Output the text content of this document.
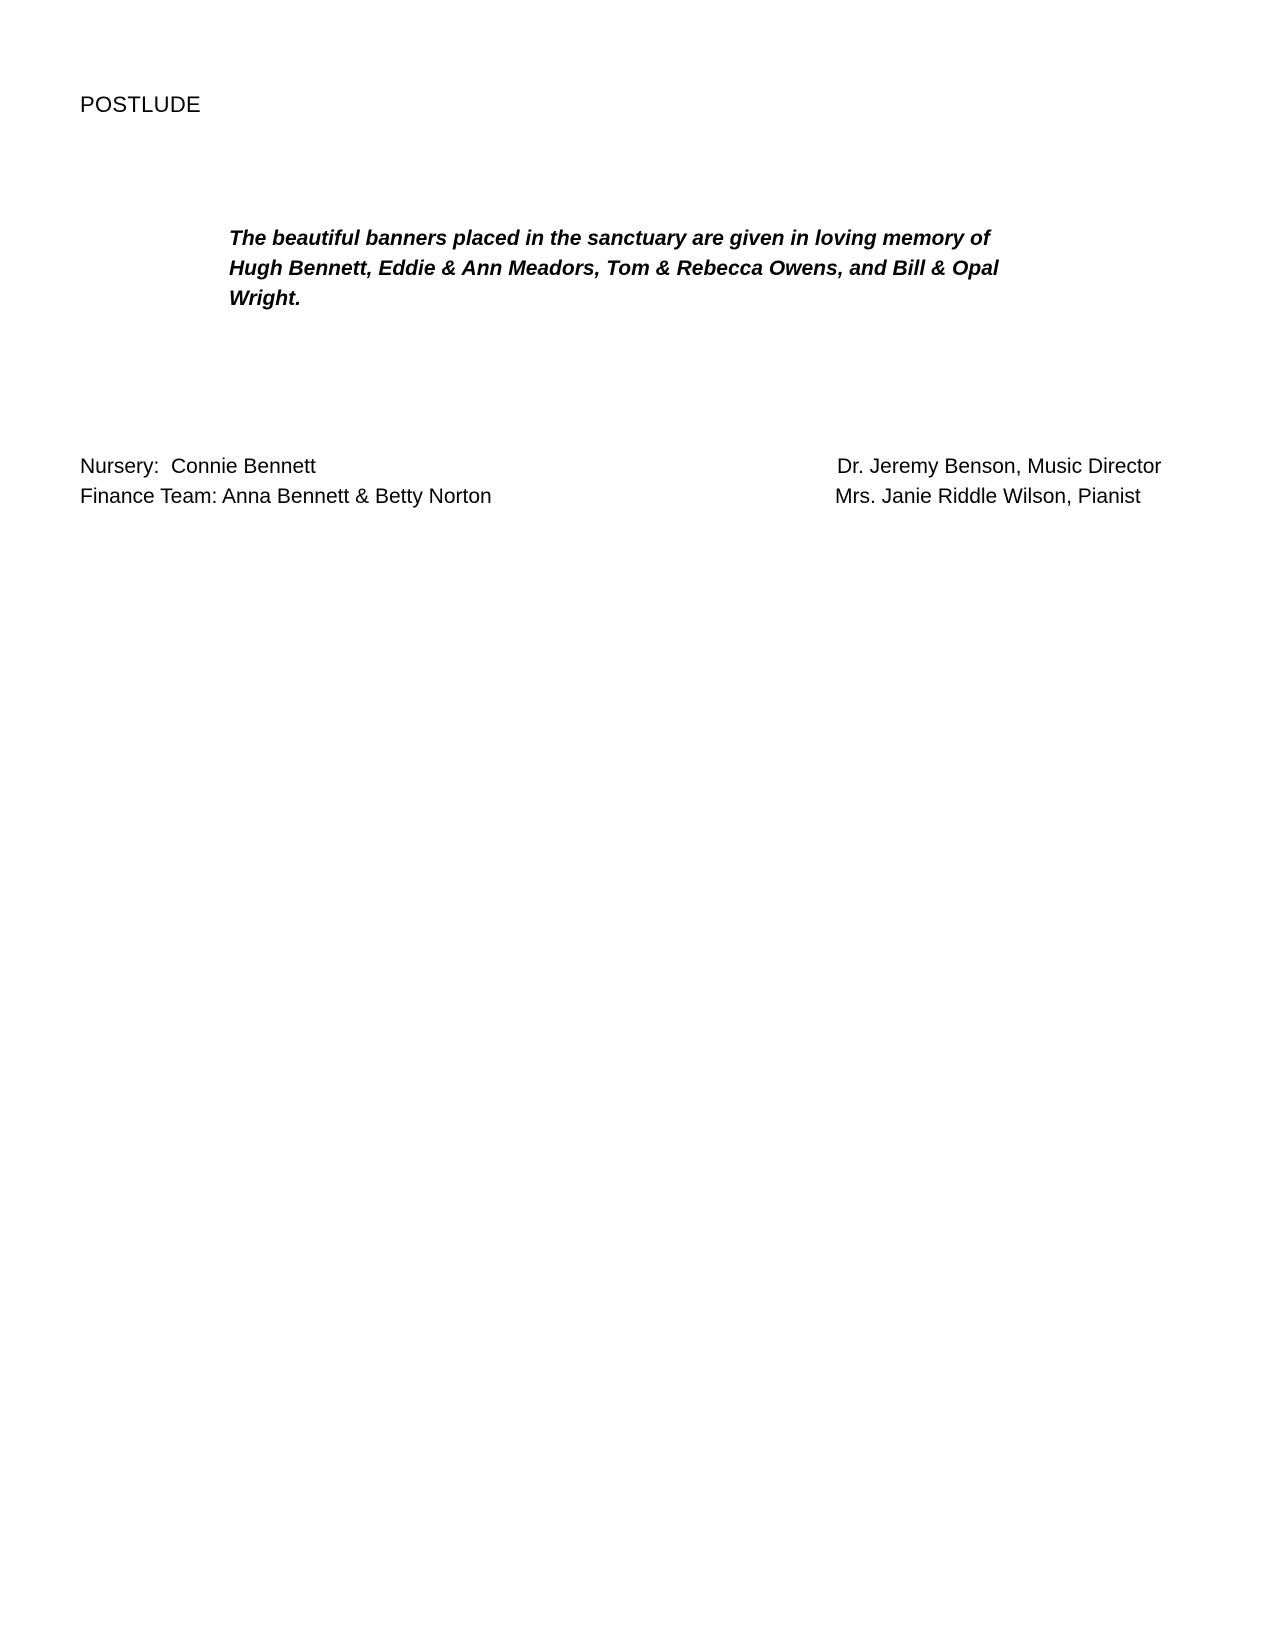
POSTLUDE

The beautiful banners placed in the sanctuary are given in loving memory of

Hugh Bennett, Eddie & Ann Meadors, Tom & Rebecca Owens, and Bill & Opal

Wright.

Nursery:  Connie Bennett
Finance Team: Anna Bennett & Betty Norton
Dr. Jeremy Benson, Music Director
Mrs. Janie Riddle Wilson, Pianist
